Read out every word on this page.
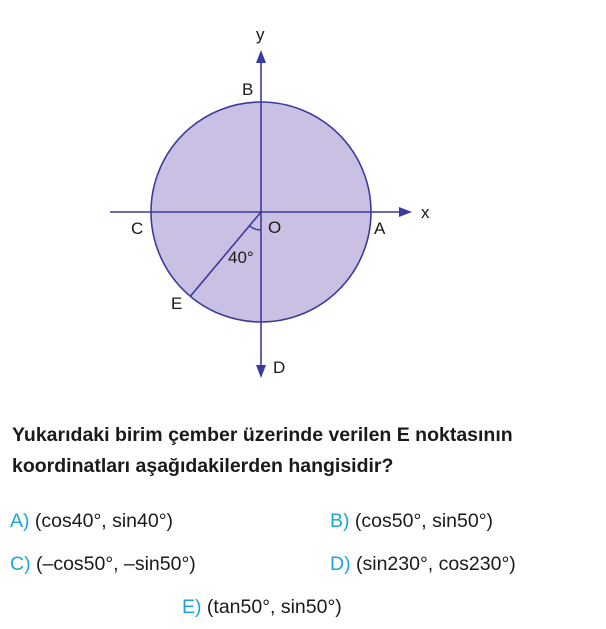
y
x
B
C	A
O
40°
E
D
Yukarıdaki birim çember üzerinde verilen E noktasının
koordinatları aşağıdakilerden hangisidir?
A) (cos40°, sin40°)	B) (cos50°, sin50°)
C) (–cos50°, –sin50°)	D) (sin230°, cos230°)
E) (tan50°, sin50°)
